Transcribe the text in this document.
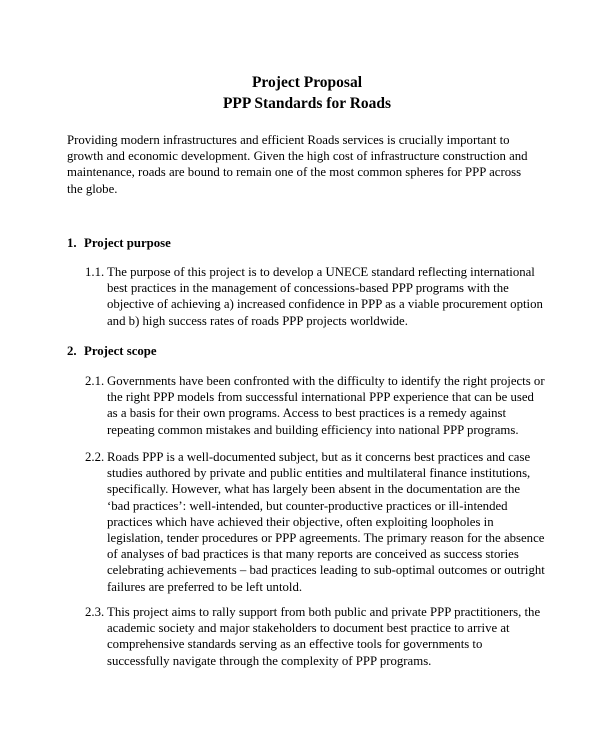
Project Proposal
PPP Standards for Roads
Providing modern infrastructures and efficient Roads services is crucially important to growth and economic development. Given the high cost of infrastructure construction and maintenance, roads are bound to remain one of the most common spheres for PPP across the globe.
1. Project purpose
1.1. The purpose of this project is to develop a UNECE standard reflecting international best practices in the management of concessions-based PPP programs with the objective of achieving a) increased confidence in PPP as a viable procurement option and b) high success rates of roads PPP projects worldwide.
2. Project scope
2.1. Governments have been confronted with the difficulty to identify the right projects or the right PPP models from successful international PPP experience that can be used as a basis for their own programs. Access to best practices is a remedy against repeating common mistakes and building efficiency into national PPP programs.
2.2. Roads PPP is a well-documented subject, but as it concerns best practices and case studies authored by private and public entities and multilateral finance institutions, specifically. However, what has largely been absent in the documentation are the ‘bad practices’: well-intended, but counter-productive practices or ill-intended practices which have achieved their objective, often exploiting loopholes in legislation, tender procedures or PPP agreements. The primary reason for the absence of analyses of bad practices is that many reports are conceived as success stories celebrating achievements – bad practices leading to sub-optimal outcomes or outright failures are preferred to be left untold.
2.3. This project aims to rally support from both public and private PPP practitioners, the academic society and major stakeholders to document best practice to arrive at comprehensive standards serving as an effective tools for governments to successfully navigate through the complexity of PPP programs.
